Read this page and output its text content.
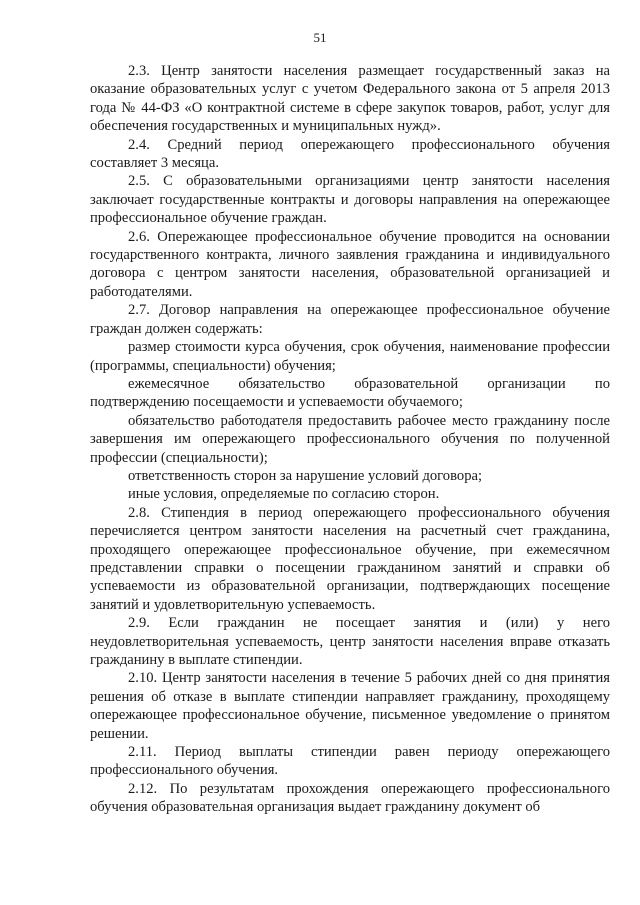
51

2.3. Центр занятости населения размещает государственный заказ на оказание образовательных услуг с учетом Федерального закона от 5 апреля 2013 года № 44-ФЗ «О контрактной системе в сфере закупок товаров, работ, услуг для обеспечения государственных и муниципальных нужд».

2.4. Средний период опережающего профессионального обучения составляет 3 месяца.

2.5. С образовательными организациями центр занятости населения заключает государственные контракты и договоры направления на опережающее профессиональное обучение граждан.

2.6. Опережающее профессиональное обучение проводится на основании государственного контракта, личного заявления гражданина и индивидуального договора с центром занятости населения, образовательной организацией и работодателями.

2.7. Договор направления на опережающее профессиональное обучение граждан должен содержать:

размер стоимости курса обучения, срок обучения, наименование профессии (программы, специальности) обучения;

ежемесячное обязательство образовательной организации по подтверждению посещаемости и успеваемости обучаемого;

обязательство работодателя предоставить рабочее место гражданину после завершения им опережающего профессионального обучения по полученной профессии (специальности);

ответственность сторон за нарушение условий договора;

иные условия, определяемые по согласию сторон.

2.8. Стипендия в период опережающего профессионального обучения перечисляется центром занятости населения на расчетный счет гражданина, проходящего опережающее профессиональное обучение, при ежемесячном представлении справки о посещении гражданином занятий и справки об успеваемости из образовательной организации, подтверждающих посещение занятий и удовлетворительную успеваемость.

2.9. Если гражданин не посещает занятия и (или) у него неудовлетворительная успеваемость, центр занятости населения вправе отказать гражданину в выплате стипендии.

2.10. Центр занятости населения в течение 5 рабочих дней со дня принятия решения об отказе в выплате стипендии направляет гражданину, проходящему опережающее профессиональное обучение, письменное уведомление о принятом решении.

2.11. Период выплаты стипендии равен периоду опережающего профессионального обучения.

2.12. По результатам прохождения опережающего профессионального обучения образовательная организация выдает гражданину документ об
